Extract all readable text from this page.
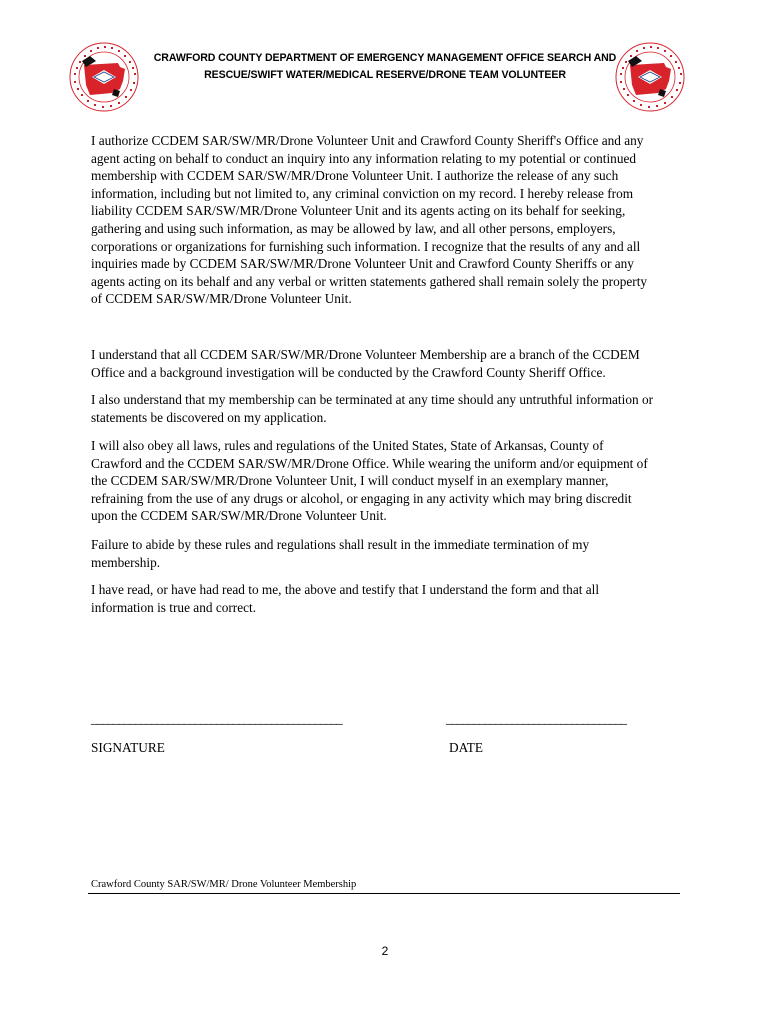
CRAWFORD COUNTY DEPARTMENT OF EMERGENCY MANAGEMENT OFFICE SEARCH AND
RESCUE/SWIFT WATER/MEDICAL RESERVE/DRONE TEAM VOLUNTEER
I authorize CCDEM SAR/SW/MR/Drone Volunteer Unit and Crawford County Sheriff's Office and any
agent acting on behalf to conduct an inquiry into any information relating to my potential or continued
membership with CCDEM SAR/SW/MR/Drone Volunteer Unit. I authorize the release of any such
information, including but not limited to, any criminal conviction on my record. I hereby release from
liability CCDEM SAR/SW/MR/Drone Volunteer Unit and its agents acting on its behalf for seeking,
gathering and using such information, as may be allowed by law, and all other persons, employers,
corporations or organizations for furnishing such information. I recognize that the results of any and all
inquiries made by CCDEM SAR/SW/MR/Drone Volunteer Unit and Crawford County Sheriffs or any
agents acting on its behalf and any verbal or written statements gathered shall remain solely the property
of CCDEM SAR/SW/MR/Drone Volunteer Unit.
I understand that all CCDEM SAR/SW/MR/Drone Volunteer Membership are a branch of the CCDEM
Office and a background investigation will be conducted by the Crawford County Sheriff Office.
I also understand that my membership can be terminated at any time should any untruthful information or
statements be discovered on my application.
I will also obey all laws, rules and regulations of the United States, State of Arkansas, County of
Crawford and the CCDEM SAR/SW/MR/Drone Office. While wearing the uniform and/or equipment of
the CCDEM SAR/SW/MR/Drone Volunteer Unit, I will conduct myself in an exemplary manner,
refraining from the use of any drugs or alcohol, or engaging in any activity which may bring discredit
upon the CCDEM SAR/SW/MR/Drone Volunteer Unit.
Failure to abide by these rules and regulations shall result in the immediate termination of my
membership.
I have read, or have had read to me, the above and testify that I understand the form and that all
information is true and correct.
______________________________________________	_________________________________
SIGNATURE	DATE
Crawford County SAR/SW/MR/ Drone Volunteer Membership
2
